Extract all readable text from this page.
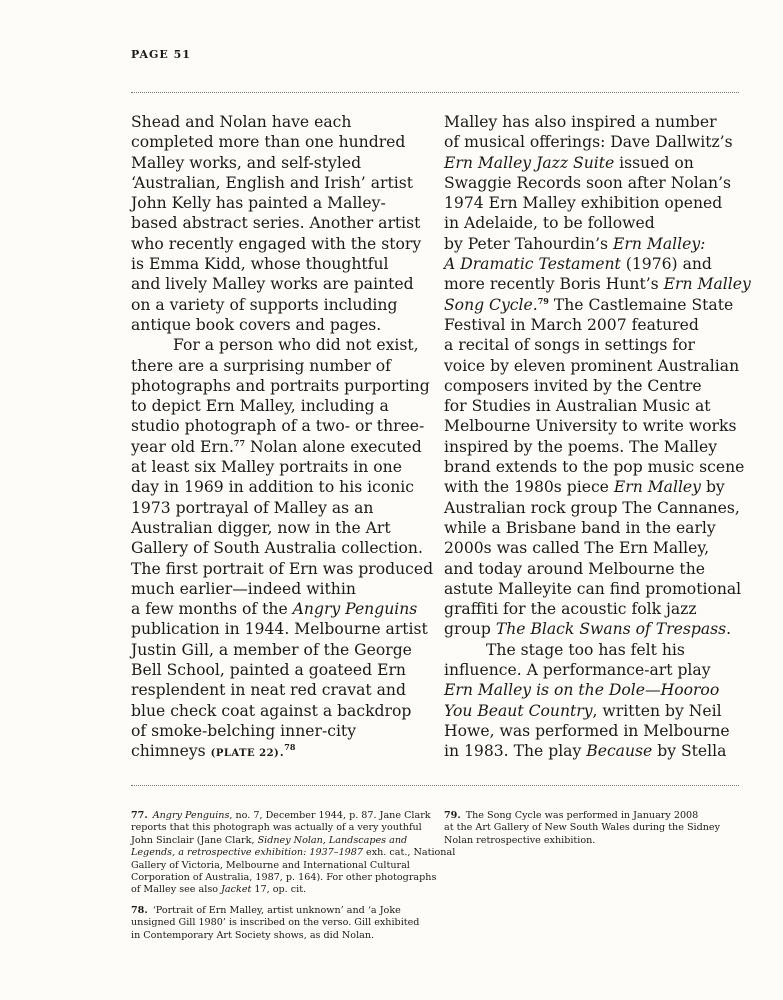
PAGE 51
Shead and Nolan have each
completed more than one hundred
Malley works, and self-styled
‘Australian, English and Irish’ artist
John Kelly has painted a Malley-
based abstract series. Another artist
who recently engaged with the story
is Emma Kidd, whose thoughtful
and lively Malley works are painted
on a variety of supports including
antique book covers and pages.
For a person who did not exist,
there are a surprising number of
photographs and portraits purporting
to depict Ern Malley, including a
studio photograph of a two- or three-
year old Ern.$^{77}$ Nolan alone executed
at least six Malley portraits in one
day in 1969 in addition to his iconic
1973 portrayal of Malley as an
Australian digger, now in the Art
Gallery of South Australia collection.
The first portrait of Ern was produced
much earlier—indeed within
a few months of the Angry Penguins
publication in 1944. Melbourne artist
Justin Gill, a member of the George
Bell School, painted a goateed Ern
resplendent in neat red cravat and
blue check coat against a backdrop
of smoke-belching inner-city
chimneys (PLATE 22).$^{78}$
Malley has also inspired a number
of musical offerings: Dave Dallwitz’s
Ern Malley Jazz Suite issued on
Swaggie Records soon after Nolan’s
1974 Ern Malley exhibition opened
in Adelaide, to be followed
by Peter Tahourdin’s Ern Malley:
A Dramatic Testament (1976) and
more recently Boris Hunt’s Ern Malley
Song Cycle.$^{79}$ The Castlemaine State
Festival in March 2007 featured
a recital of songs in settings for
voice by eleven prominent Australian
composers invited by the Centre
for Studies in Australian Music at
Melbourne University to write works
inspired by the poems. The Malley
brand extends to the pop music scene
with the 1980s piece Ern Malley by
Australian rock group The Cannanes,
while a Brisbane band in the early
2000s was called The Ern Malley,
and today around Melbourne the
astute Malleyite can find promotional
graffiti for the acoustic folk jazz
group The Black Swans of Trespass.
The stage too has felt his
influence. A performance-art play
Ern Malley is on the Dole—Hooroo
You Beaut Country, written by Neil
Howe, was performed in Melbourne
in 1983. The play Because by Stella
77. Angry Penguins, no. 7, December 1944, p. 87. Jane Clark
reports that this photograph was actually of a very youthful
John Sinclair (Jane Clark, Sidney Nolan, Landscapes and
Legends, a retrospective exhibition: 1937–1987 exh. cat., National
Gallery of Victoria, Melbourne and International Cultural
Corporation of Australia, 1987, p. 164). For other photographs
of Malley see also Jacket 17, op. cit.
78. ‘Portrait of Ern Malley, artist unknown’ and ‘a Joke
unsigned Gill 1980’ is inscribed on the verso. Gill exhibited
in Contemporary Art Society shows, as did Nolan.
79. The Song Cycle was performed in January 2008
at the Art Gallery of New South Wales during the Sidney
Nolan retrospective exhibition.
